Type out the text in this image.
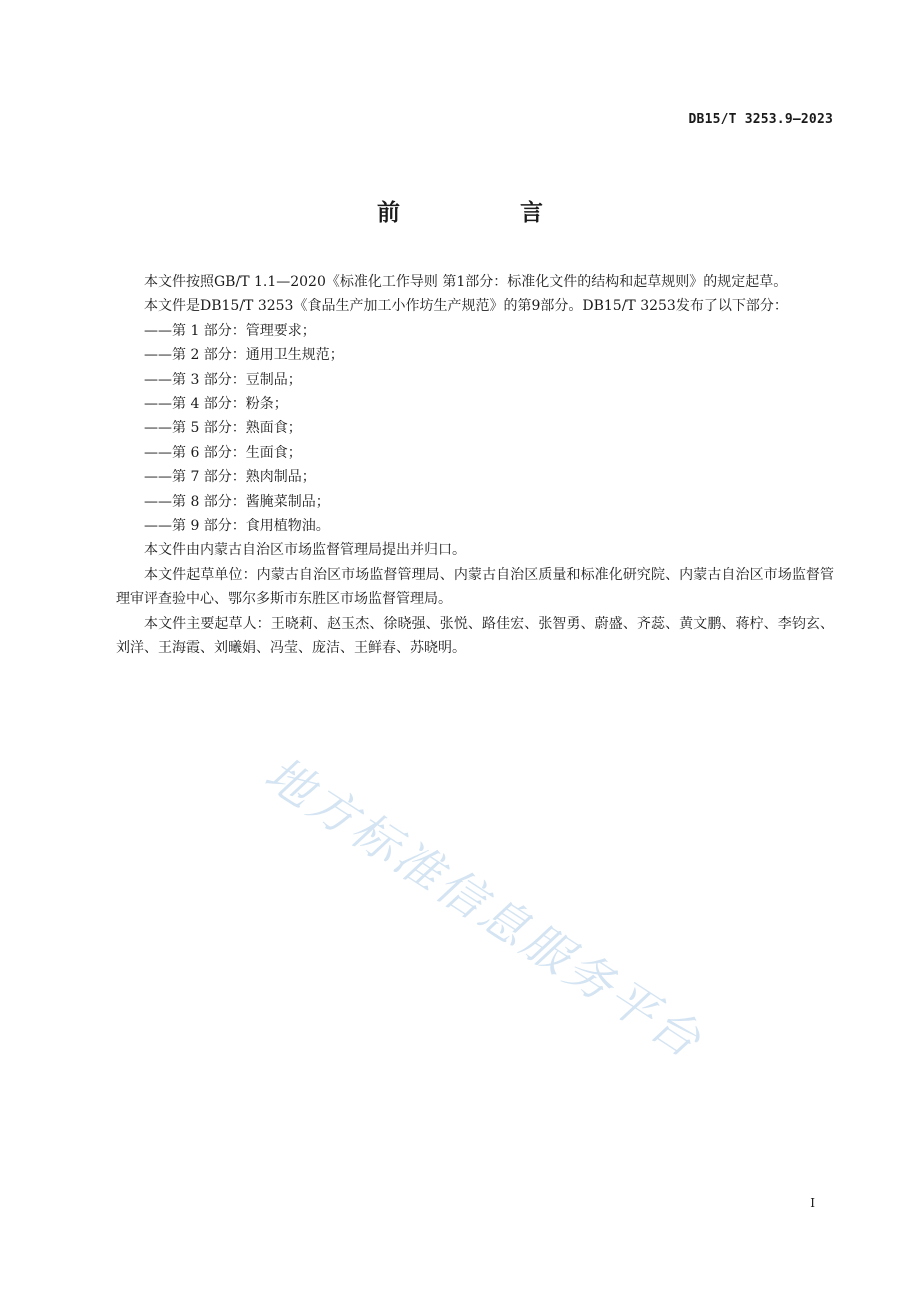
DB15/T 3253.9—2023
前 言

本文件按照GB/T 1.1—2020《标准化工作导则 第1部分：标准化文件的结构和起草规则》的规定起草。

本文件是DB15/T 3253《食品生产加工小作坊生产规范》的第9部分。DB15/T 3253发布了以下部分：

——第 1 部分：管理要求；
——第 2 部分：通用卫生规范；
——第 3 部分：豆制品；
——第 4 部分：粉条；
——第 5 部分：熟面食；
——第 6 部分：生面食；
——第 7 部分：熟肉制品；
——第 8 部分：酱腌菜制品；
——第 9 部分：食用植物油。

本文件由内蒙古自治区市场监督管理局提出并归口。

本文件起草单位：内蒙古自治区市场监督管理局、内蒙古自治区质量和标准化研究院、内蒙古自治区市场监督管理审评查验中心、鄂尔多斯市东胜区市场监督管理局。

本文件主要起草人：王晓莉、赵玉杰、徐晓强、张悦、路佳宏、张智勇、蔚盛、齐蕊、黄文鹏、蒋柠、李钧玄、刘洋、王海霞、刘曦娟、冯莹、庞洁、王鲜春、苏晓明。

地方标准信息服务平台
I
